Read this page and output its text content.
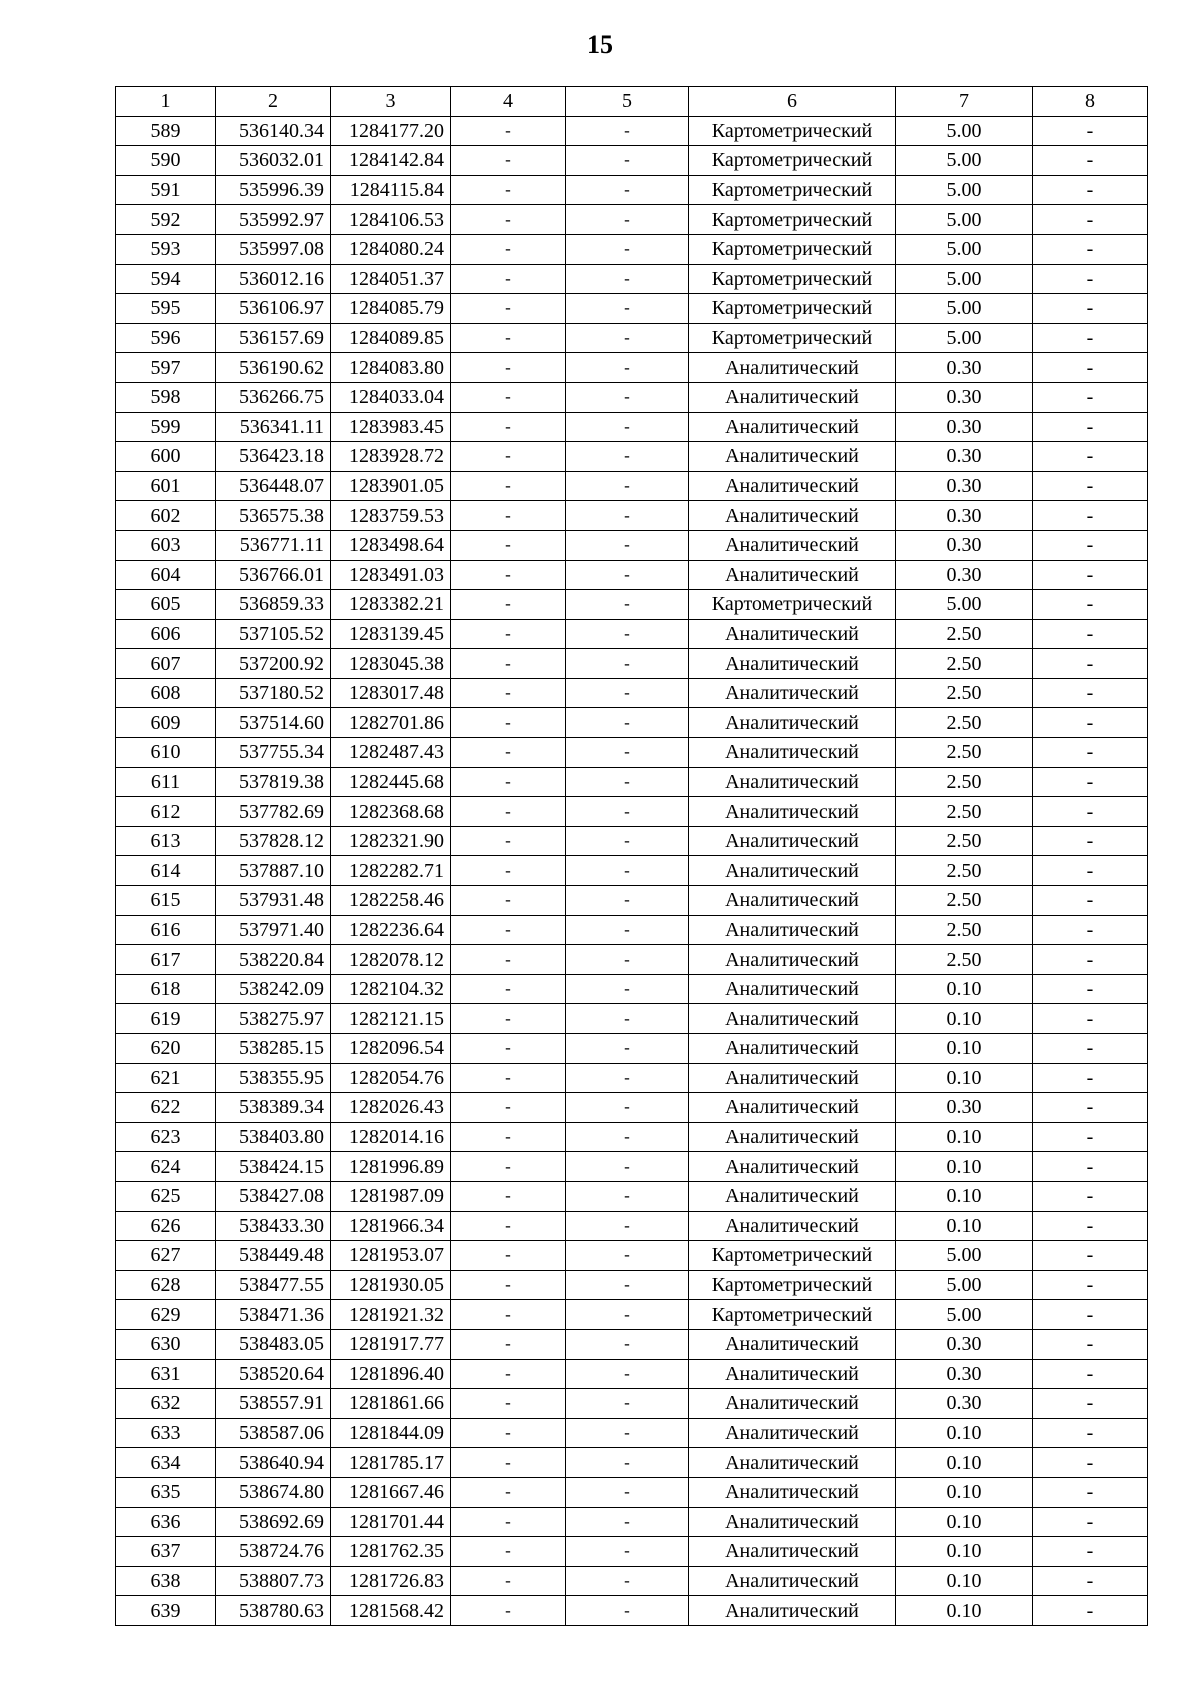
15
1	2	3	4	5	6	7	8
589	536140.34	1284177.20	-	-	Картометрический	5.00	-
590	536032.01	1284142.84	-	-	Картометрический	5.00	-
591	535996.39	1284115.84	-	-	Картометрический	5.00	-
592	535992.97	1284106.53	-	-	Картометрический	5.00	-
593	535997.08	1284080.24	-	-	Картометрический	5.00	-
594	536012.16	1284051.37	-	-	Картометрический	5.00	-
595	536106.97	1284085.79	-	-	Картометрический	5.00	-
596	536157.69	1284089.85	-	-	Картометрический	5.00	-
597	536190.62	1284083.80	-	-	Аналитический	0.30	-
598	536266.75	1284033.04	-	-	Аналитический	0.30	-
599	536341.11	1283983.45	-	-	Аналитический	0.30	-
600	536423.18	1283928.72	-	-	Аналитический	0.30	-
601	536448.07	1283901.05	-	-	Аналитический	0.30	-
602	536575.38	1283759.53	-	-	Аналитический	0.30	-
603	536771.11	1283498.64	-	-	Аналитический	0.30	-
604	536766.01	1283491.03	-	-	Аналитический	0.30	-
605	536859.33	1283382.21	-	-	Картометрический	5.00	-
606	537105.52	1283139.45	-	-	Аналитический	2.50	-
607	537200.92	1283045.38	-	-	Аналитический	2.50	-
608	537180.52	1283017.48	-	-	Аналитический	2.50	-
609	537514.60	1282701.86	-	-	Аналитический	2.50	-
610	537755.34	1282487.43	-	-	Аналитический	2.50	-
611	537819.38	1282445.68	-	-	Аналитический	2.50	-
612	537782.69	1282368.68	-	-	Аналитический	2.50	-
613	537828.12	1282321.90	-	-	Аналитический	2.50	-
614	537887.10	1282282.71	-	-	Аналитический	2.50	-
615	537931.48	1282258.46	-	-	Аналитический	2.50	-
616	537971.40	1282236.64	-	-	Аналитический	2.50	-
617	538220.84	1282078.12	-	-	Аналитический	2.50	-
618	538242.09	1282104.32	-	-	Аналитический	0.10	-
619	538275.97	1282121.15	-	-	Аналитический	0.10	-
620	538285.15	1282096.54	-	-	Аналитический	0.10	-
621	538355.95	1282054.76	-	-	Аналитический	0.10	-
622	538389.34	1282026.43	-	-	Аналитический	0.30	-
623	538403.80	1282014.16	-	-	Аналитический	0.10	-
624	538424.15	1281996.89	-	-	Аналитический	0.10	-
625	538427.08	1281987.09	-	-	Аналитический	0.10	-
626	538433.30	1281966.34	-	-	Аналитический	0.10	-
627	538449.48	1281953.07	-	-	Картометрический	5.00	-
628	538477.55	1281930.05	-	-	Картометрический	5.00	-
629	538471.36	1281921.32	-	-	Картометрический	5.00	-
630	538483.05	1281917.77	-	-	Аналитический	0.30	-
631	538520.64	1281896.40	-	-	Аналитический	0.30	-
632	538557.91	1281861.66	-	-	Аналитический	0.30	-
633	538587.06	1281844.09	-	-	Аналитический	0.10	-
634	538640.94	1281785.17	-	-	Аналитический	0.10	-
635	538674.80	1281667.46	-	-	Аналитический	0.10	-
636	538692.69	1281701.44	-	-	Аналитический	0.10	-
637	538724.76	1281762.35	-	-	Аналитический	0.10	-
638	538807.73	1281726.83	-	-	Аналитический	0.10	-
639	538780.63	1281568.42	-	-	Аналитический	0.10	-
